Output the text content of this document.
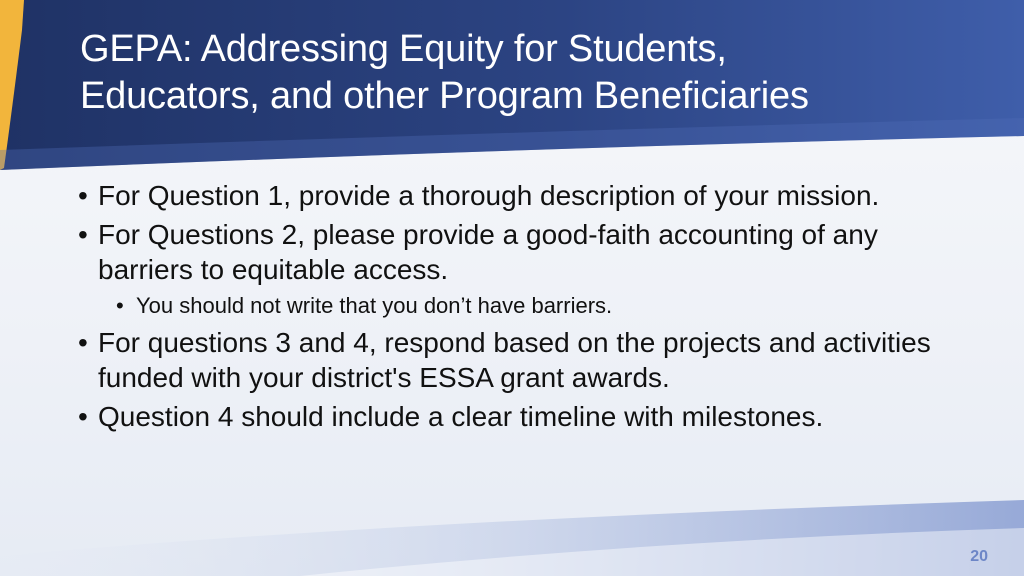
GEPA: Addressing Equity for Students,
Educators, and other Program Beneficiaries
• For Question 1, provide a thorough description of your mission.
• For Questions 2, please provide a good-faith accounting of any barriers to equitable access.
• You should not write that you don’t have barriers.
• For questions 3 and 4, respond based on the projects and activities funded with your district's ESSA grant awards.
• Question 4 should include a clear timeline with milestones.
20
